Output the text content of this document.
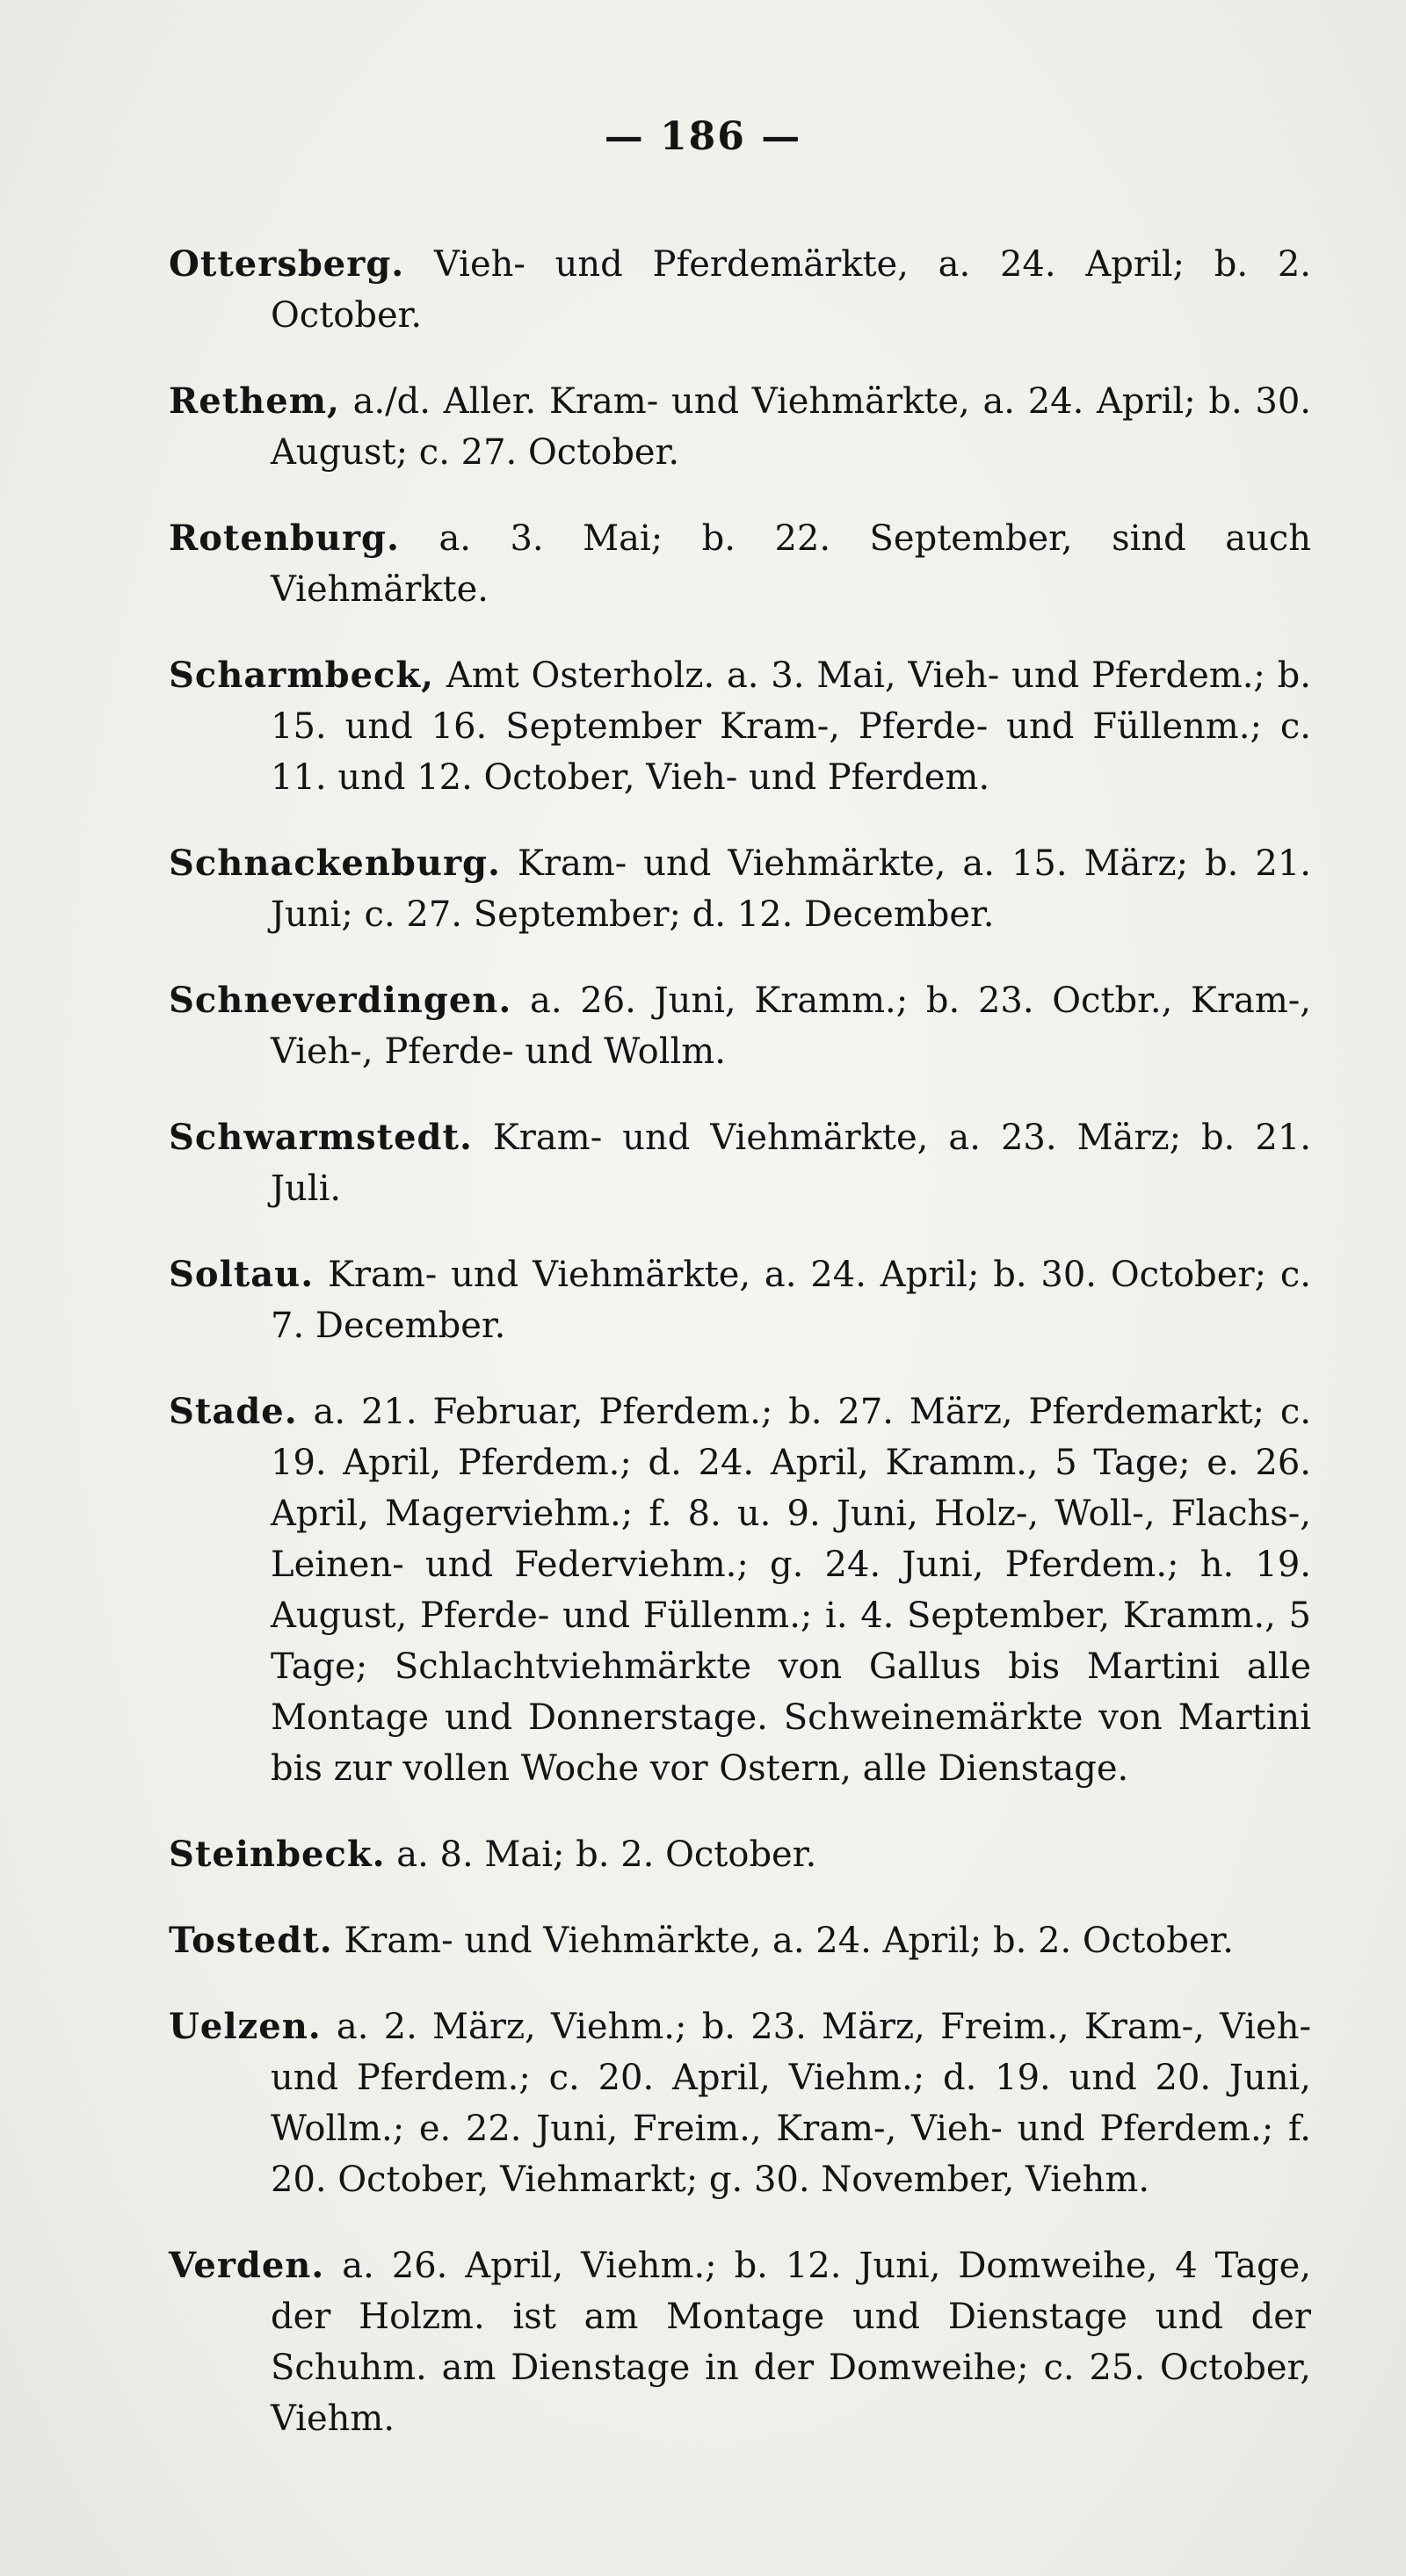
— 186 —

Ottersberg. Vieh- und Pferdemärkte, a. 24. April; b. 2. October.

Rethem, a./d. Aller. Kram- und Viehmärkte, a. 24. April; b. 30. August; c. 27. October.

Rotenburg. a. 3. Mai; b. 22. September, sind auch Viehmärkte.

Scharmbeck, Amt Osterholz. a. 3. Mai, Vieh- und Pferdem.; b. 15. und 16. September Kram-, Pferde- und Füllenm.; c. 11. und 12. October, Vieh- und Pferdem.

Schnackenburg. Kram- und Viehmärkte, a. 15. März; b. 21. Juni; c. 27. September; d. 12. December.

Schneverdingen. a. 26. Juni, Kramm.; b. 23. Octbr., Kram-, Vieh-, Pferde- und Wollm.

Schwarmstedt. Kram- und Viehmärkte, a. 23. März; b. 21. Juli.

Soltau. Kram- und Viehmärkte, a. 24. April; b. 30. October; c. 7. December.

Stade. a. 21. Februar, Pferdem.; b. 27. März, Pferdemarkt; c. 19. April, Pferdem.; d. 24. April, Kramm., 5 Tage; e. 26. April, Magerviehm.; f. 8. u. 9. Juni, Holz-, Woll-, Flachs-, Leinen- und Federviehm.; g. 24. Juni, Pferdem.; h. 19. August, Pferde- und Füllenm.; i. 4. September, Kramm., 5 Tage; Schlachtviehmärkte von Gallus bis Martini alle Montage und Donnerstage. Schweinemärkte von Martini bis zur vollen Woche vor Ostern, alle Dienstage.

Steinbeck. a. 8. Mai; b. 2. October.

Tostedt. Kram- und Viehmärkte, a. 24. April; b. 2. October.

Uelzen. a. 2. März, Viehm.; b. 23. März, Freim., Kram-, Vieh- und Pferdem.; c. 20. April, Viehm.; d. 19. und 20. Juni, Wollm.; e. 22. Juni, Freim., Kram-, Vieh- und Pferdem.; f. 20. October, Viehmarkt; g. 30. November, Viehm.

Verden. a. 26. April, Viehm.; b. 12. Juni, Domweihe, 4 Tage, der Holzm. ist am Montage und Dienstage und der Schuhm. am Dienstage in der Domweihe; c. 25. October, Viehm.
